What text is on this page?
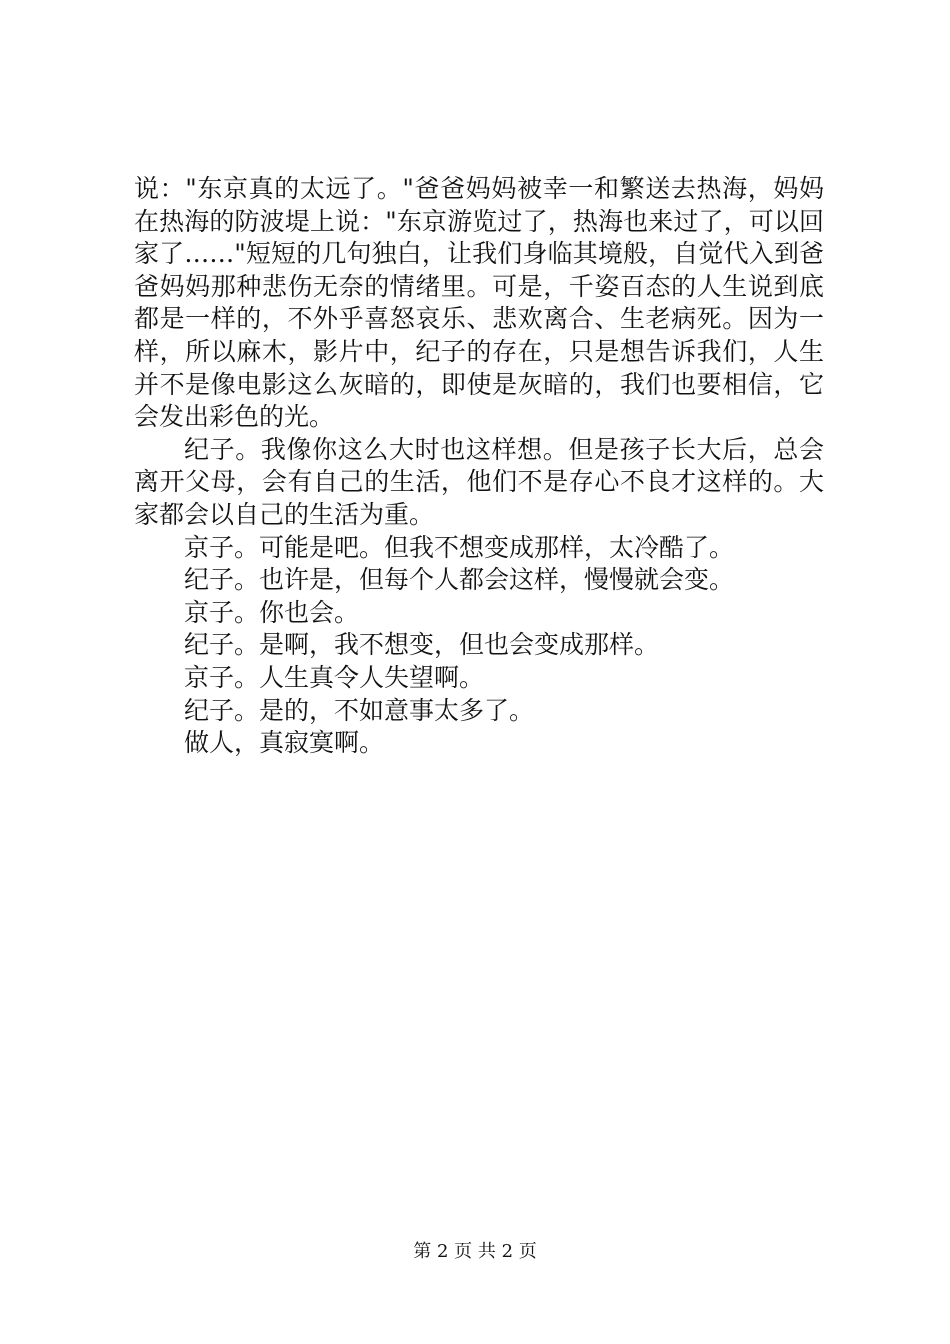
说："东京真的太远了。"爸爸妈妈被幸一和繁送去热海，妈妈在热海的防波堤上说："东京游览过了，热海也来过了，可以回家了……"短短的几句独白，让我们身临其境般，自觉代入到爸爸妈妈那种悲伤无奈的情绪里。可是，千姿百态的人生说到底都是一样的，不外乎喜怒哀乐、悲欢离合、生老病死。因为一样，所以麻木，影片中，纪子的存在，只是想告诉我们，人生并不是像电影这么灰暗的，即使是灰暗的，我们也要相信，它会发出彩色的光。

纪子。我像你这么大时也这样想。但是孩子长大后，总会离开父母，会有自己的生活，他们不是存心不良才这样的。大家都会以自己的生活为重。

京子。可能是吧。但我不想变成那样，太冷酷了。

纪子。也许是，但每个人都会这样，慢慢就会变。

京子。你也会。

纪子。是啊，我不想变，但也会变成那样。

京子。人生真令人失望啊。

纪子。是的，不如意事太多了。

做人，真寂寞啊。

第 2 页 共 2 页
